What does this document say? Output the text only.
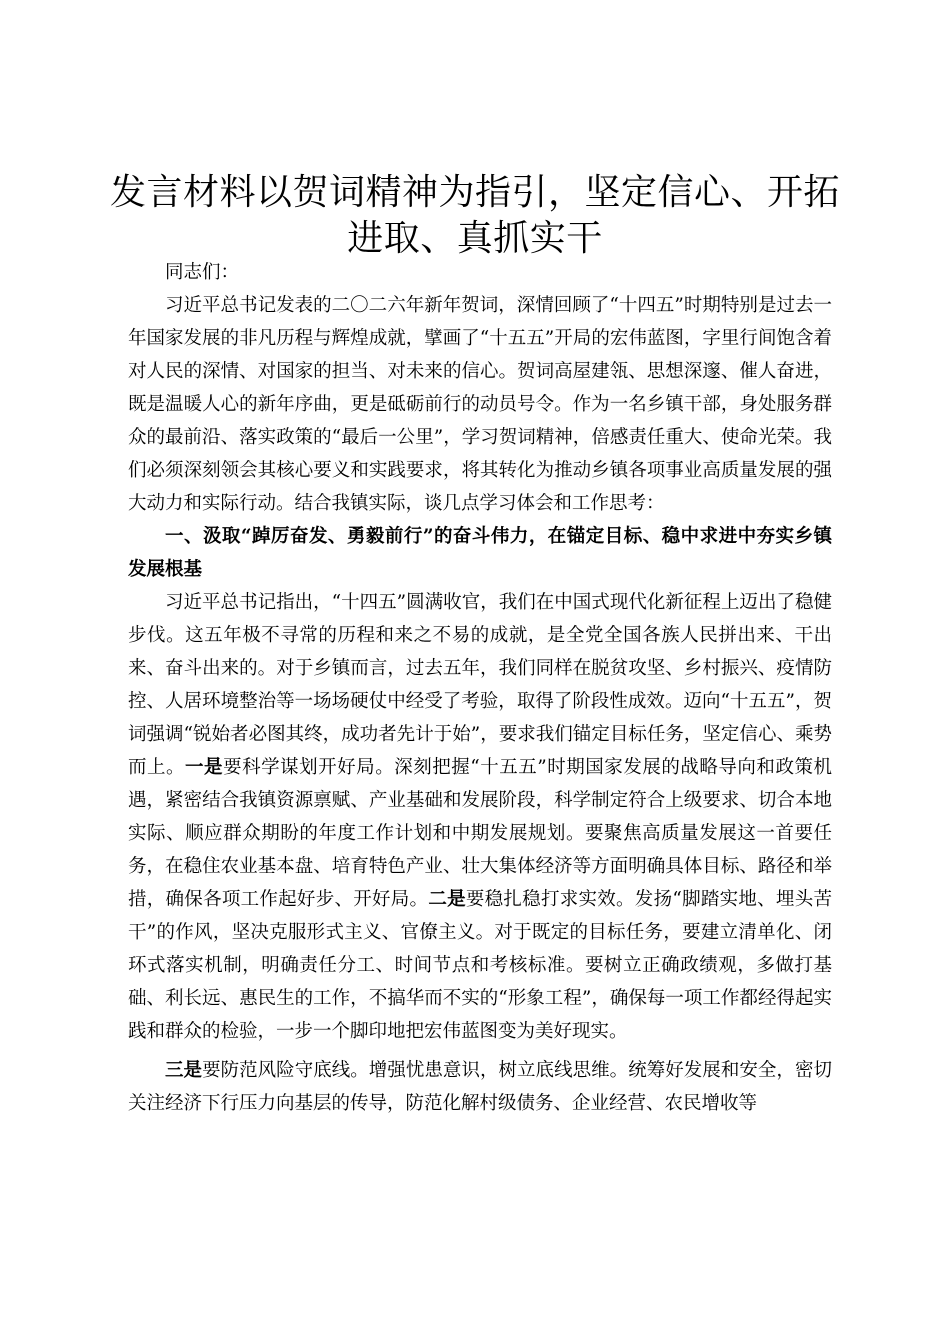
发言材料以贺词精神为指引，坚定信心、开拓进取、真抓实干

同志们：

习近平总书记发表的二〇二六年新年贺词，深情回顾了“十四五”时期特别是过去一年国家发展的非凡历程与辉煌成就，擘画了“十五五”开局的宏伟蓝图，字里行间饱含着对人民的深情、对国家的担当、对未来的信心。贺词高屋建瓴、思想深邃、催人奋进，既是温暖人心的新年序曲，更是砥砺前行的动员号令。作为一名乡镇干部，身处服务群众的最前沿、落实政策的“最后一公里”，学习贺词精神，倍感责任重大、使命光荣。我们必须深刻领会其核心要义和实践要求，将其转化为推动乡镇各项事业高质量发展的强大动力和实际行动。结合我镇实际，谈几点学习体会和工作思考：

一、汲取“踔厉奋发、勇毅前行”的奋斗伟力，在锚定目标、稳中求进中夯实乡镇发展根基

习近平总书记指出，“十四五”圆满收官，我们在中国式现代化新征程上迈出了稳健步伐。这五年极不寻常的历程和来之不易的成就，是全党全国各族人民拼出来、干出来、奋斗出来的。对于乡镇而言，过去五年，我们同样在脱贫攻坚、乡村振兴、疫情防控、人居环境整治等一场场硬仗中经受了考验，取得了阶段性成效。迈向“十五五”，贺词强调“锐始者必图其终，成功者先计于始”，要求我们锚定目标任务，坚定信心、乘势而上。一是要科学谋划开好局。深刻把握“十五五”时期国家发展的战略导向和政策机遇，紧密结合我镇资源禀赋、产业基础和发展阶段，科学制定符合上级要求、切合本地实际、顺应群众期盼的年度工作计划和中期发展规划。要聚焦高质量发展这一首要任务，在稳住农业基本盘、培育特色产业、壮大集体经济等方面明确具体目标、路径和举措，确保各项工作起好步、开好局。二是要稳扎稳打求实效。发扬“脚踏实地、埋头苦干”的作风，坚决克服形式主义、官僚主义。对于既定的目标任务，要建立清单化、闭环式落实机制，明确责任分工、时间节点和考核标准。要树立正确政绩观，多做打基础、利长远、惠民生的工作，不搞华而不实的“形象工程”，确保每一项工作都经得起实践和群众的检验，一步一个脚印地把宏伟蓝图变为美好现实。

三是要防范风险守底线。增强忧患意识，树立底线思维。统筹好发展和安全，密切关注经济下行压力向基层的传导，防范化解村级债务、企业经营、农民增收等
